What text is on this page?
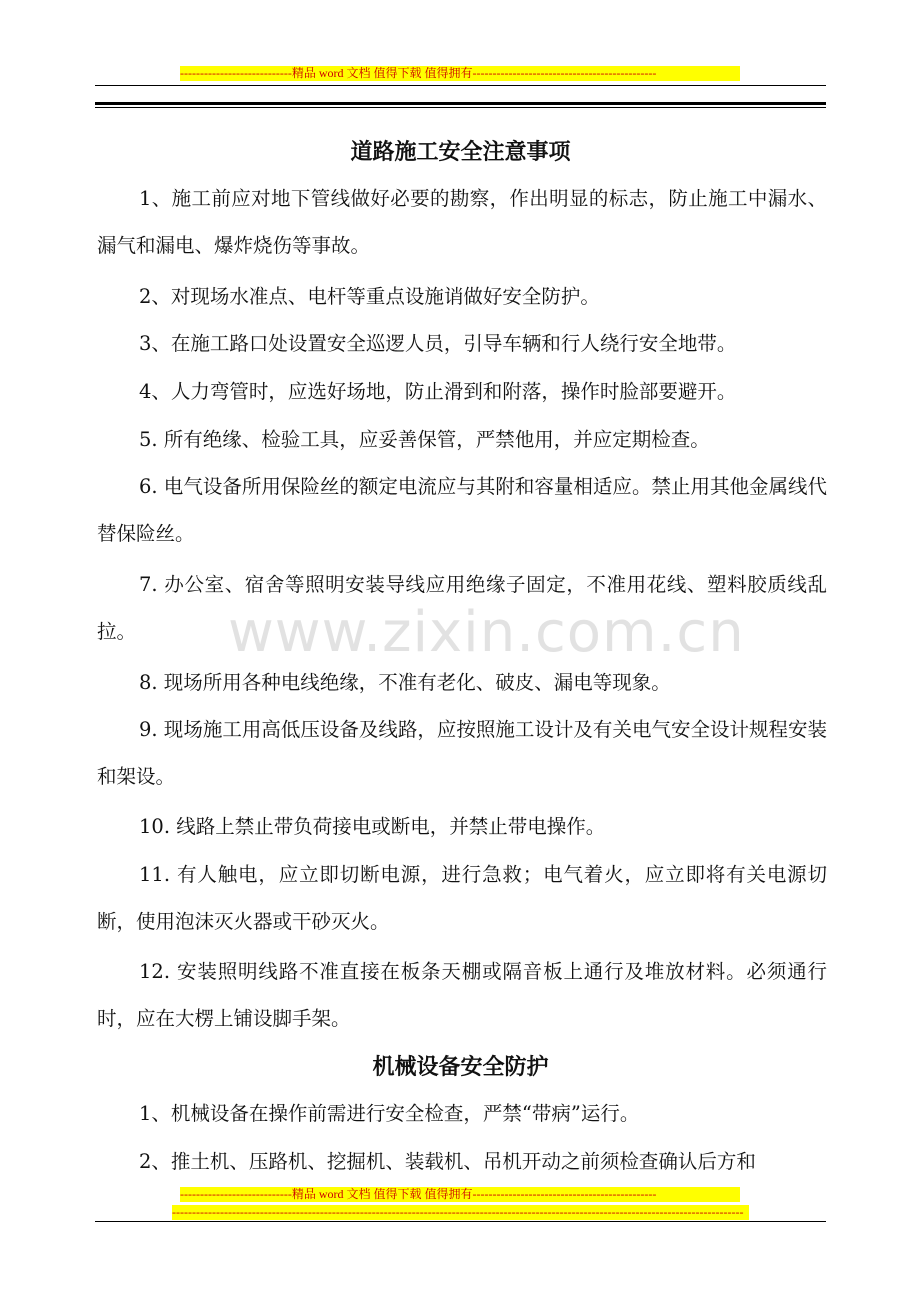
----------------------------精品 word 文档 值得下载 值得拥有----------------------------------------------
www.zixin.com.cn
道路施工安全注意事项

1、施工前应对地下管线做好必要的勘察，作出明显的标志，防止施工中漏水、漏气和漏电、爆炸烧伤等事故。

2、对现场水准点、电杆等重点设施诮做好安全防护。

3、在施工路口处设置安全巡逻人员，引导车辆和行人绕行安全地带。

4、人力弯管时，应选好场地，防止滑到和附落，操作时脸部要避开。

5. 所有绝缘、检验工具，应妥善保管，严禁他用，并应定期检查。

6. 电气设备所用保险丝的额定电流应与其附和容量相适应。禁止用其他金属线代替保险丝。

7. 办公室、宿舍等照明安装导线应用绝缘子固定，不准用花线、塑料胶质线乱拉。

8. 现场所用各种电线绝缘，不准有老化、破皮、漏电等现象。

9. 现场施工用高低压设备及线路，应按照施工设计及有关电气安全设计规程安装和架设。

10. 线路上禁止带负荷接电或断电，并禁止带电操作。

11. 有人触电，应立即切断电源，进行急救；电气着火，应立即将有关电源切断，使用泡沫灭火器或干砂灭火。

12. 安装照明线路不准直接在板条天棚或隔音板上通行及堆放材料。必须通行时，应在大楞上铺设脚手架。

机械设备安全防护

1、机械设备在操作前需进行安全检查，严禁“带病”运行。

2、推土机、压路机、挖掘机、装载机、吊机开动之前须检查确认后方和

----------------------------精品 word 文档 值得下载 值得拥有----------------------------------------------
-----------------------------------------------------------------------------------------------------------------------------------------------
